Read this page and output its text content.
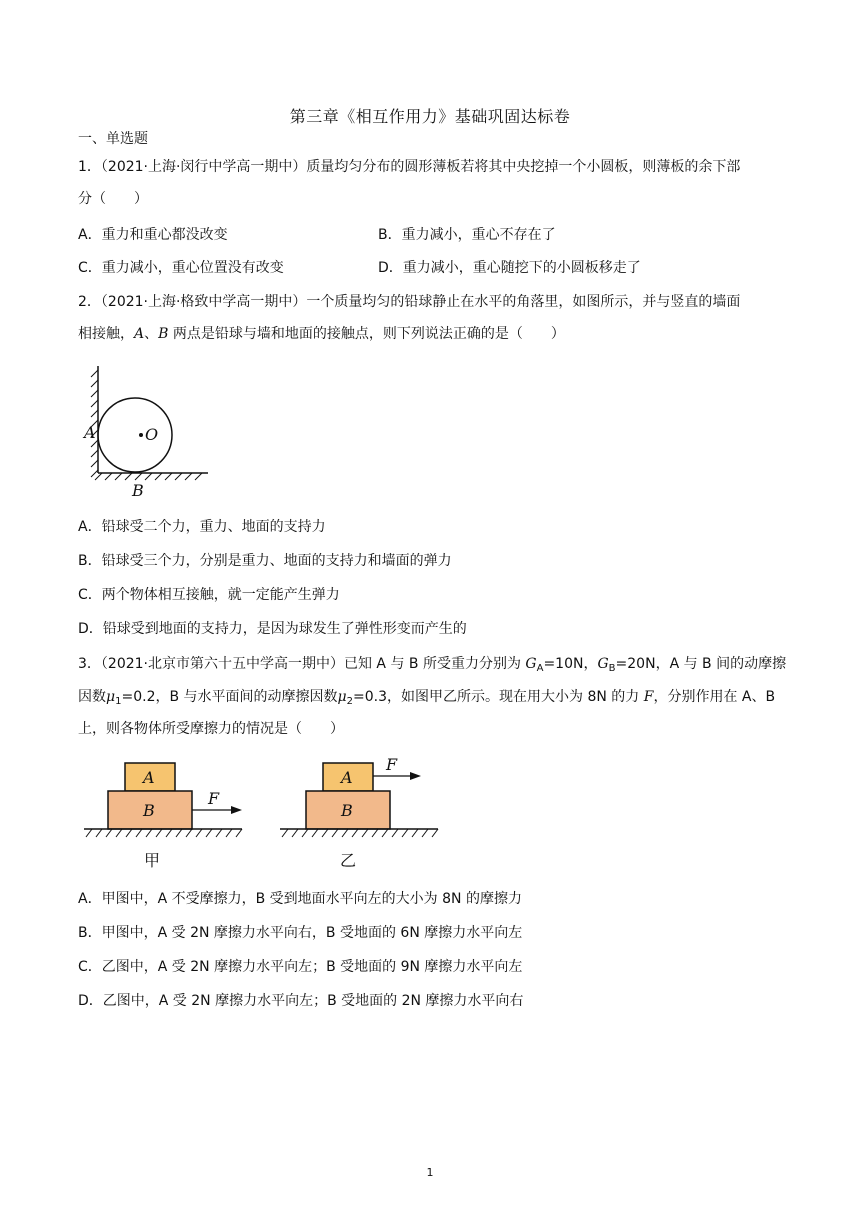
第三章《相互作用力》基础巩固达标卷
一、单选题
1．（2021·上海·闵行中学高一期中）质量均匀分布的圆形薄板若将其中央挖掉一个小圆板，则薄板的余下部
分（　　）
A．重力和重心都没改变	B．重力减小，重心不存在了
C．重力减小，重心位置没有改变	D．重力减小，重心随挖下的小圆板移走了
2．（2021·上海·格致中学高一期中）一个质量均匀的铅球静止在水平的角落里，如图所示，并与竖直的墙面
相接触，A、B 两点是铅球与墙和地面的接触点，则下列说法正确的是（　　）
O
A
B
A．铅球受二个力，重力、地面的支持力
B．铅球受三个力，分别是重力、地面的支持力和墙面的弹力
C．两个物体相互接触，就一定能产生弹力
D．铅球受到地面的支持力，是因为球发生了弹性形变而产生的
3．（2021·北京市第六十五中学高一期中）已知 A 与 B 所受重力分别为 $G_A=10N$，$G_B=20N$，A 与 B 间的动摩擦
因数$\mu_1=0.2$，B 与水平面间的动摩擦因数$\mu_2=0.3$，如图甲乙所示。现在用大小为 8N 的力 F，分别作用在 A、B
上，则各物体所受摩擦力的情况是（　　）
A
B
F
甲
A
B
F
乙
A．甲图中，A 不受摩擦力，B 受到地面水平向左的大小为 8N 的摩擦力
B．甲图中，A 受 2N 摩擦力水平向右，B 受地面的 6N 摩擦力水平向左
C．乙图中，A 受 2N 摩擦力水平向左；B 受地面的 9N 摩擦力水平向左
D．乙图中，A 受 2N 摩擦力水平向左；B 受地面的 2N 摩擦力水平向右
1
